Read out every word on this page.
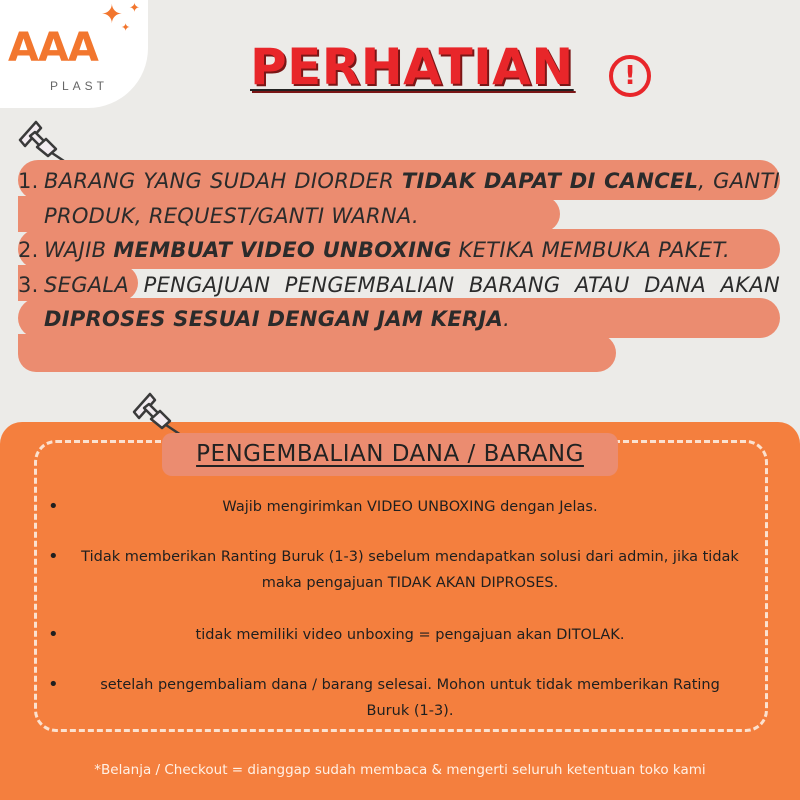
AAA
PLAST
✦ ✦
✦
PERHATIAN	!
1. BARANG YANG SUDAH DIORDER TIDAK DAPAT DI CANCEL, GANTI PRODUK, REQUEST/GANTI WARNA.
2. WAJIB MEMBUAT VIDEO UNBOXING KETIKA MEMBUKA PAKET.
3. SEGALA PENGAJUAN PENGEMBALIAN BARANG ATAU DANA AKAN DIPROSES SESUAI DENGAN JAM KERJA.
PENGEMBALIAN DANA / BARANG
•	Wajib mengirimkan VIDEO UNBOXING dengan Jelas.
• Tidak memberikan Ranting Buruk (1-3) sebelum mendapatkan solusi dari admin, jika tidak maka pengajuan TIDAK AKAN DIPROSES.
•	tidak memiliki video unboxing = pengajuan akan DITOLAK.
•	setelah pengembaliam dana / barang selesai. Mohon untuk tidak memberikan Rating Buruk (1-3).
*Belanja / Checkout = dianggap sudah membaca & mengerti seluruh ketentuan toko kami
